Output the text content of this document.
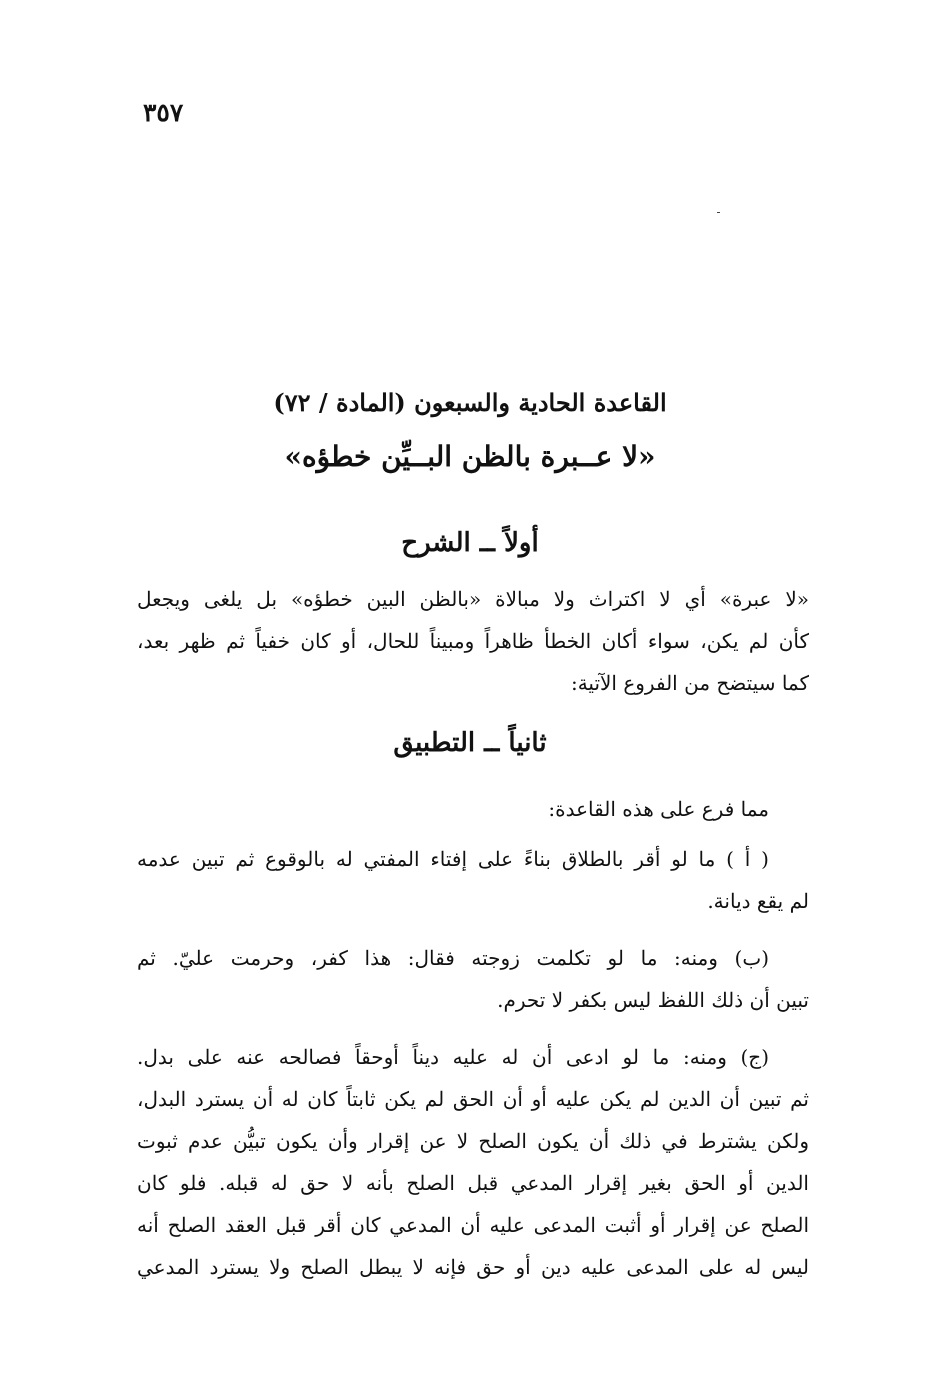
٣٥٧
القاعدة الحادية والسبعون (المادة / ٧٢)
«لا عــبرة بالظن البــيِّن خطؤه»
أولاً ــ الشرح
«لا عبرة» أي لا اكتراث ولا مبالاة «بالظن البين خطؤه» بل يلغى ويجعل
كأن لم يكن، سواء أكان الخطأ ظاهراً ومبيناً للحال، أو كان خفياً ثم ظهر بعد،
كما سيتضح من الفروع الآتية:
ثانياً ــ التطبيق
مما فرع على هذه القاعدة:
( أ ) ما لو أقر بالطلاق بناءً على إفتاء المفتي له بالوقوع ثم تبين عدمه
لم يقع ديانة.
(ب) ومنه: ما لو تكلمت زوجته فقال: هذا كفر، وحرمت عليّ. ثم
تبين أن ذلك اللفظ ليس بكفر لا تحرم.
(ج) ومنه: ما لو ادعى أن له عليه ديناً أوحقاً فصالحه عنه على بدل.
ثم تبين أن الدين لم يكن عليه أو أن الحق لم يكن ثابتاً كان له أن يسترد البدل،
ولكن يشترط في ذلك أن يكون الصلح لا عن إقرار وأن يكون تبيُّن عدم ثبوت
الدين أو الحق بغير إقرار المدعي قبل الصلح بأنه لا حق له قبله. فلو كان
الصلح عن إقرار أو أثبت المدعى عليه أن المدعي كان أقر قبل العقد الصلح أنه
ليس له على المدعى عليه دين أو حق فإنه لا يبطل الصلح ولا يسترد المدعي
